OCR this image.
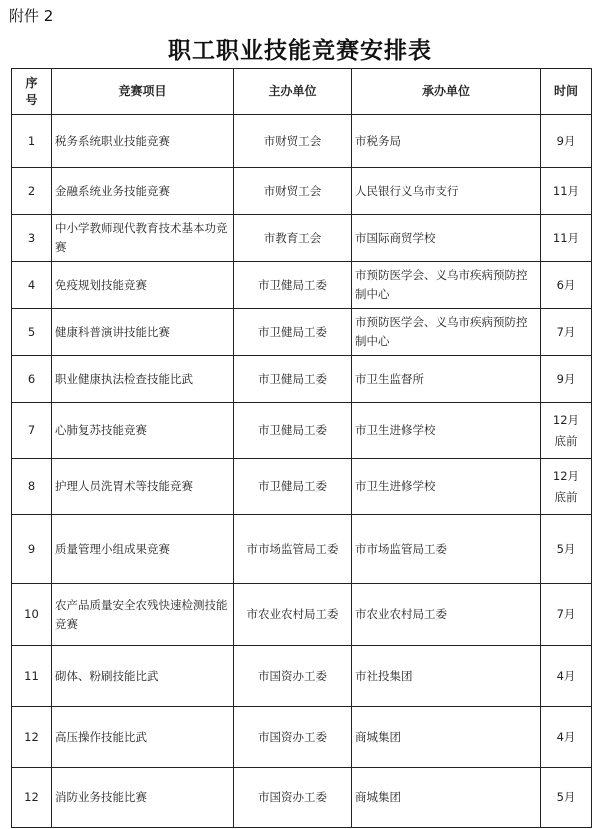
附件 2
职工职业技能竞赛安排表
序
号	竞赛项目	主办单位	承办单位	时间
1	税务系统职业技能竞赛	市财贸工会	市税务局	9月
2	金融系统业务技能竞赛	市财贸工会	人民银行义乌市支行	11月
3	中小学教师现代教育技术基本功竞赛	市教育工会	市国际商贸学校	11月
4	免疫规划技能竞赛	市卫健局工委	市预防医学会、义乌市疾病预防控制中心	6月
5	健康科普演讲技能比赛	市卫健局工委	市预防医学会、义乌市疾病预防控制中心	7月
6	职业健康执法检查技能比武	市卫健局工委	市卫生监督所	9月
7	心肺复苏技能竞赛	市卫健局工委	市卫生进修学校	12月
底前
8	护理人员洗胃术等技能竞赛	市卫健局工委	市卫生进修学校	12月
底前
9	质量管理小组成果竞赛	市市场监管局工委	市市场监管局工委	5月
10	农产品质量安全农残快速检测技能竞赛	市农业农村局工委	市农业农村局工委	7月
11	砌体、粉刷技能比武	市国资办工委	市社投集团	4月
12	高压操作技能比武	市国资办工委	商城集团	4月
12	消防业务技能比赛	市国资办工委	商城集团	5月
